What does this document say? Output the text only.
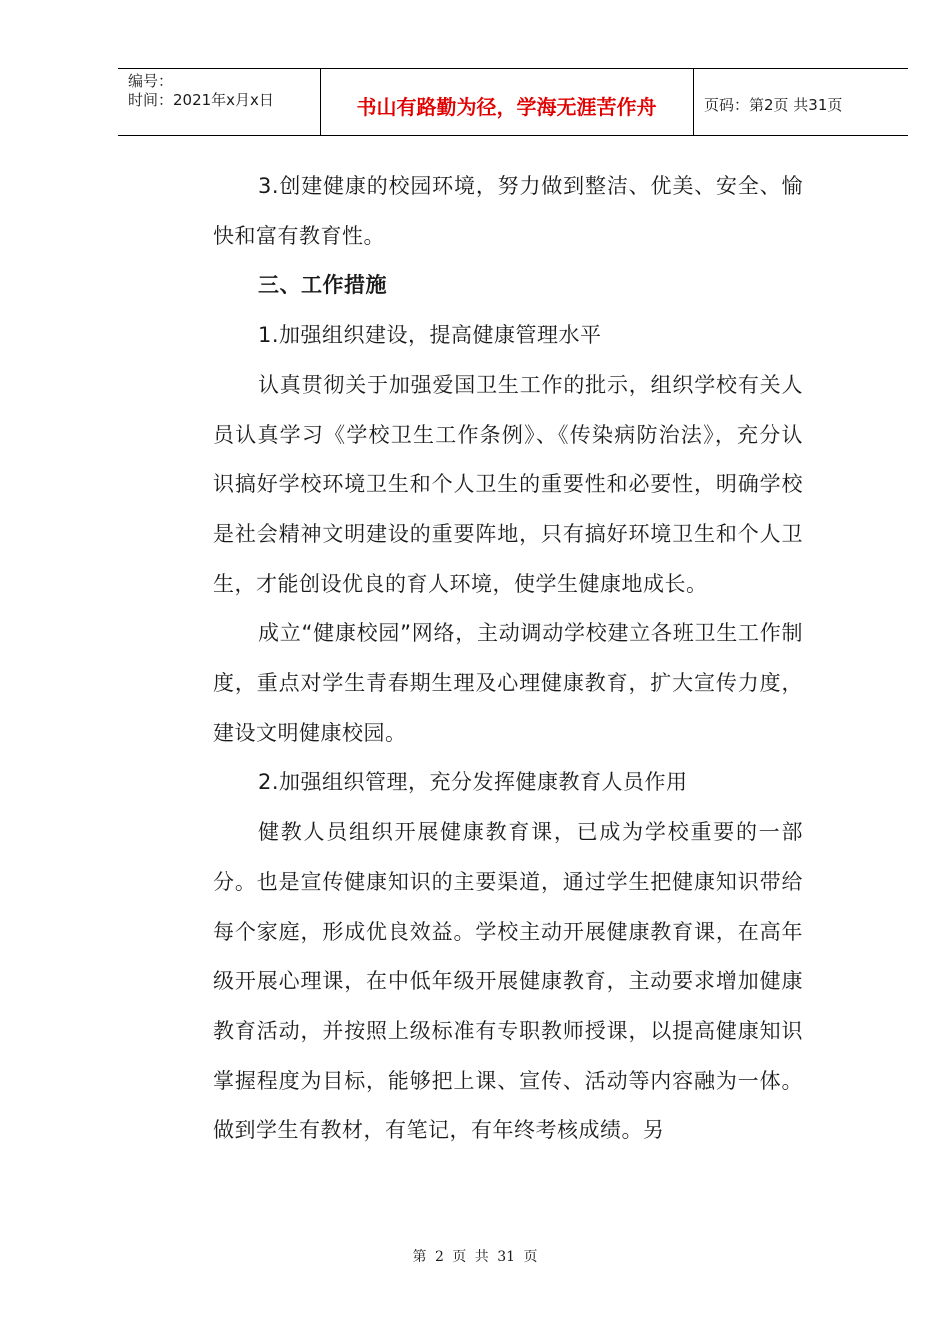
编号：
时间：2021年x月x日	书山有路勤为径，学海无涯苦作舟	页码：第2页 共31页

3.创建健康的校园环境，努力做到整洁、优美、安全、愉快和富有教育性。

三、工作措施

1.加强组织建设，提高健康管理水平

认真贯彻关于加强爱国卫生工作的批示，组织学校有关人员认真学习《学校卫生工作条例》、《传染病防治法》，充分认识搞好学校环境卫生和个人卫生的重要性和必要性，明确学校是社会精神文明建设的重要阵地，只有搞好环境卫生和个人卫生，才能创设优良的育人环境，使学生健康地成长。

成立“健康校园”网络，主动调动学校建立各班卫生工作制度，重点对学生青春期生理及心理健康教育，扩大宣传力度，建设文明健康校园。

2.加强组织管理，充分发挥健康教育人员作用

健教人员组织开展健康教育课，已成为学校重要的一部分。也是宣传健康知识的主要渠道，通过学生把健康知识带给每个家庭，形成优良效益。学校主动开展健康教育课，在高年级开展心理课，在中低年级开展健康教育，主动要求增加健康教育活动，并按照上级标准有专职教师授课，以提高健康知识掌握程度为目标，能够把上课、宣传、活动等内容融为一体。做到学生有教材，有笔记，有年终考核成绩。另

第 2 页 共 31 页
